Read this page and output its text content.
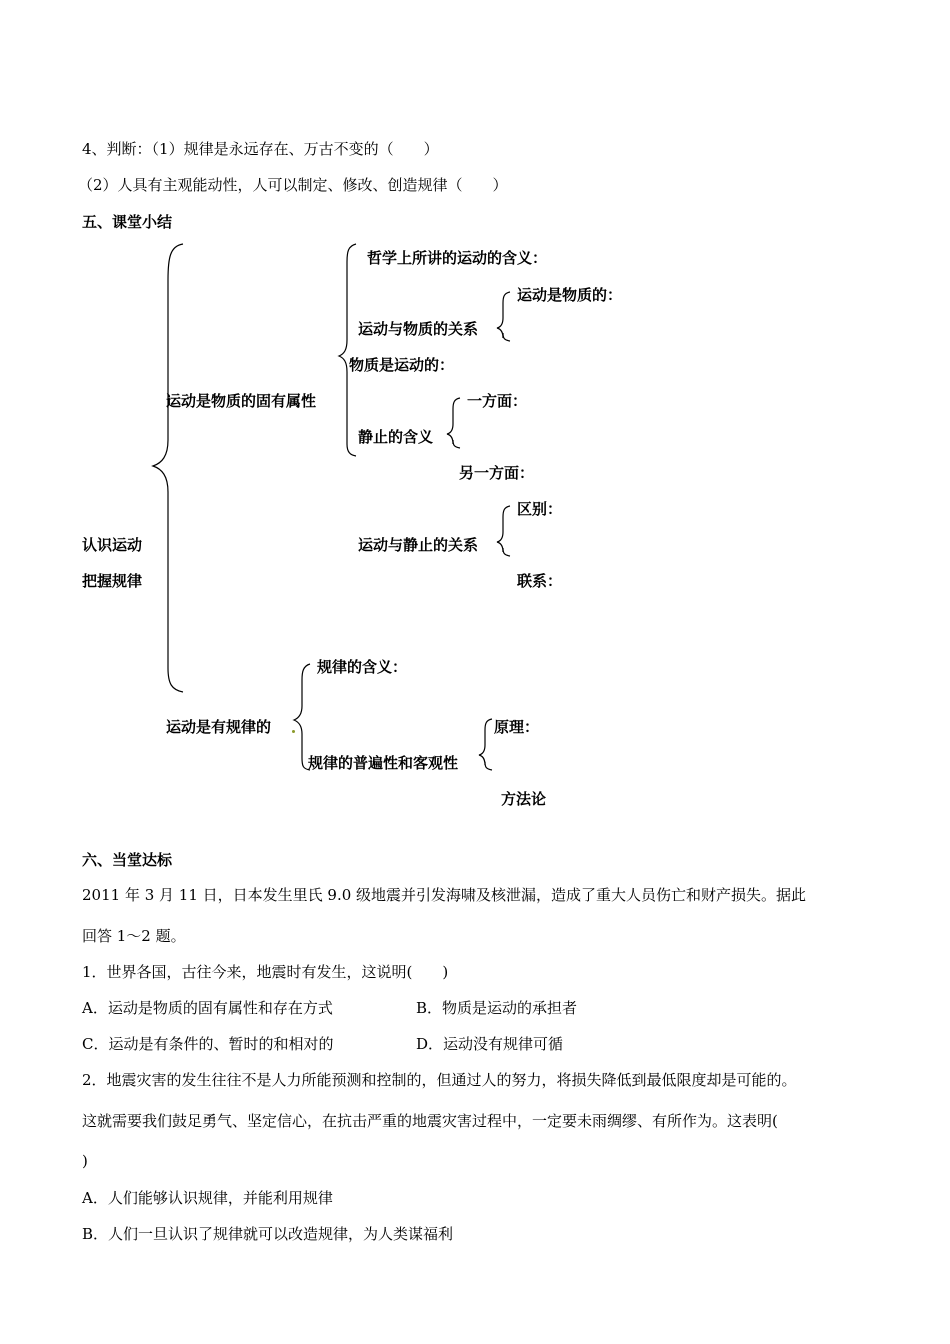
4、判断：（1）规律是永远存在、万古不变的（　　）
（2）人具有主观能动性，人可以制定、修改、创造规律（　　）
五、课堂小结
认识运动
把握规律
运动是物质的固有属性
哲学上所讲的运动的含义：
运动与物质的关系
运动是物质的：
物质是运动的：
静止的含义
一方面：
另一方面：
运动与静止的关系
区别：
联系：
运动是有规律的
规律的含义：
规律的普遍性和客观性
原理：
方法论
六、当堂达标
2011 年 3 月 11 日，日本发生里氏 9.0 级地震并引发海啸及核泄漏，造成了重大人员伤亡和财产损失。据此
回答 1～2 题。
1．世界各国，古往今来，地震时有发生，这说明(　　)
A．运动是物质的固有属性和存在方式	B．物质是运动的承担者
C．运动是有条件的、暂时的和相对的	D．运动没有规律可循
2．地震灾害的发生往往不是人力所能预测和控制的，但通过人的努力，将损失降低到最低限度却是可能的。
这就需要我们鼓足勇气、坚定信心，在抗击严重的地震灾害过程中，一定要未雨绸缪、有所作为。这表明(
)
A．人们能够认识规律，并能利用规律
B．人们一旦认识了规律就可以改造规律，为人类谋福利
